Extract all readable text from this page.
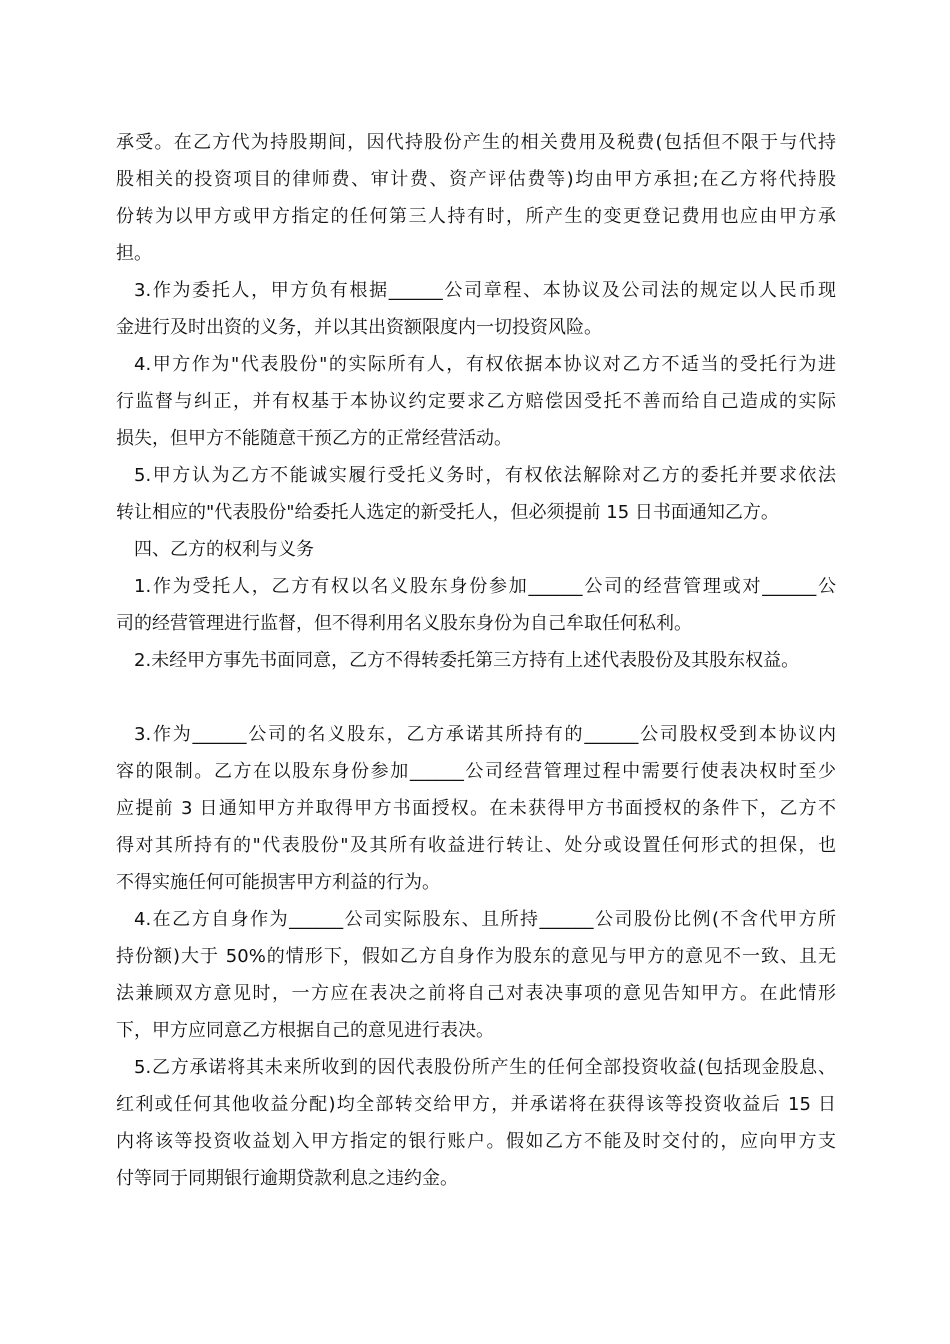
承受。在乙方代为持股期间，因代持股份产生的相关费用及税费(包括但不限于与代持
股相关的投资项目的律师费、审计费、资产评估费等)均由甲方承担;在乙方将代持股
份转为以甲方或甲方指定的任何第三人持有时，所产生的变更登记费用也应由甲方承
担。
3.作为委托人，甲方负有根据______公司章程、本协议及公司法的规定以人民币现
金进行及时出资的义务，并以其出资额限度内一切投资风险。
4.甲方作为"代表股份"的实际所有人，有权依据本协议对乙方不适当的受托行为进
行监督与纠正，并有权基于本协议约定要求乙方赔偿因受托不善而给自己造成的实际
损失，但甲方不能随意干预乙方的正常经营活动。
5.甲方认为乙方不能诚实履行受托义务时，有权依法解除对乙方的委托并要求依法
转让相应的"代表股份"给委托人选定的新受托人，但必须提前 15 日书面通知乙方。
四、乙方的权利与义务
1.作为受托人，乙方有权以名义股东身份参加______公司的经营管理或对______公
司的经营管理进行监督，但不得利用名义股东身份为自己牟取任何私利。
2.未经甲方事先书面同意，乙方不得转委托第三方持有上述代表股份及其股东权益。
3.作为______公司的名义股东，乙方承诺其所持有的______公司股权受到本协议内
容的限制。乙方在以股东身份参加______公司经营管理过程中需要行使表决权时至少
应提前 3 日通知甲方并取得甲方书面授权。在未获得甲方书面授权的条件下，乙方不
得对其所持有的"代表股份"及其所有收益进行转让、处分或设置任何形式的担保，也
不得实施任何可能损害甲方利益的行为。
4.在乙方自身作为______公司实际股东、且所持______公司股份比例(不含代甲方所
持份额)大于 50%的情形下，假如乙方自身作为股东的意见与甲方的意见不一致、且无
法兼顾双方意见时，一方应在表决之前将自己对表决事项的意见告知甲方。在此情形
下，甲方应同意乙方根据自己的意见进行表决。
5.乙方承诺将其未来所收到的因代表股份所产生的任何全部投资收益(包括现金股息、
红利或任何其他收益分配)均全部转交给甲方，并承诺将在获得该等投资收益后 15 日
内将该等投资收益划入甲方指定的银行账户。假如乙方不能及时交付的，应向甲方支
付等同于同期银行逾期贷款利息之违约金。
